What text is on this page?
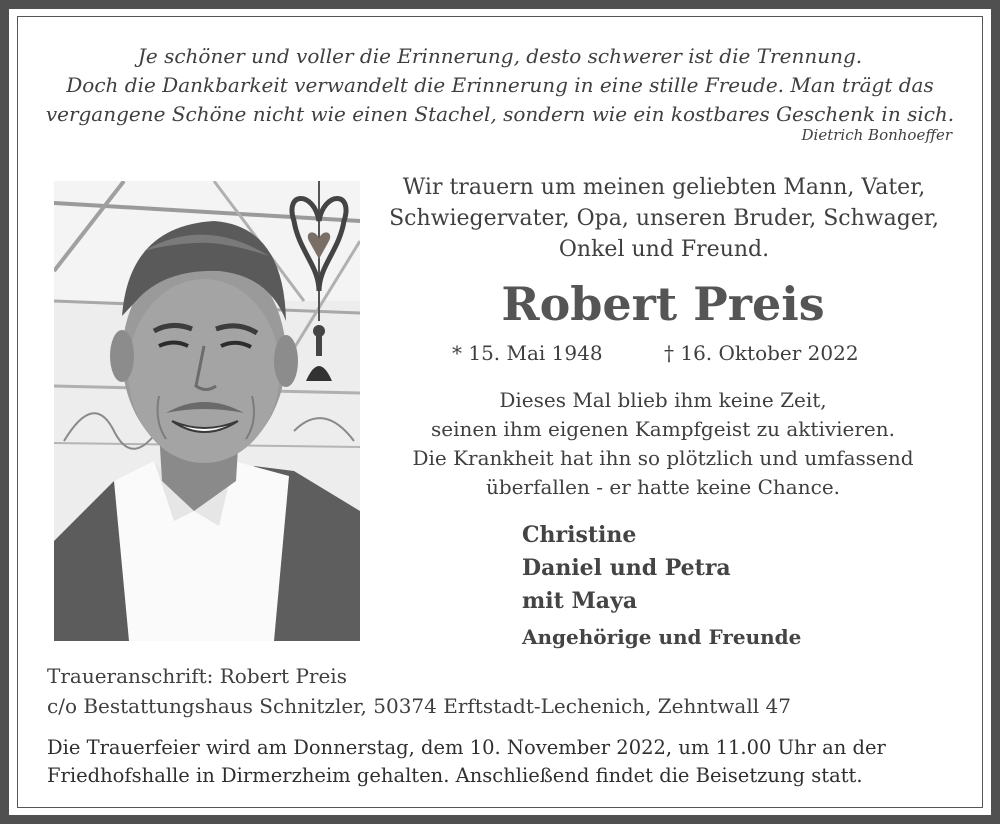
Je schöner und voller die Erinnerung, desto schwerer ist die Trennung.
Doch die Dankbarkeit verwandelt die Erinnerung in eine stille Freude. Man trägt das
vergangene Schöne nicht wie einen Stachel, sondern wie ein kostbares Geschenk in sich.
Dietrich Bonhoeffer
Wir trauern um meinen geliebten Mann, Vater,
Schwiegervater, Opa, unseren Bruder, Schwager,
Onkel und Freund.
Robert Preis
* 15. Mai 1948	† 16. Oktober 2022
Dieses Mal blieb ihm keine Zeit,
seinen ihm eigenen Kampfgeist zu aktivieren.
Die Krankheit hat ihn so plötzlich und umfassend
überfallen - er hatte keine Chance.
Christine
Daniel und Petra
mit Maya
Angehörige und Freunde
Traueranschrift: Robert Preis
c/o Bestattungshaus Schnitzler, 50374 Erftstadt-Lechenich, Zehntwall 47
Die Trauerfeier wird am Donnerstag, dem 10. November 2022, um 11.00 Uhr an der
Friedhofshalle in Dirmerzheim gehalten. Anschließend findet die Beisetzung statt.
